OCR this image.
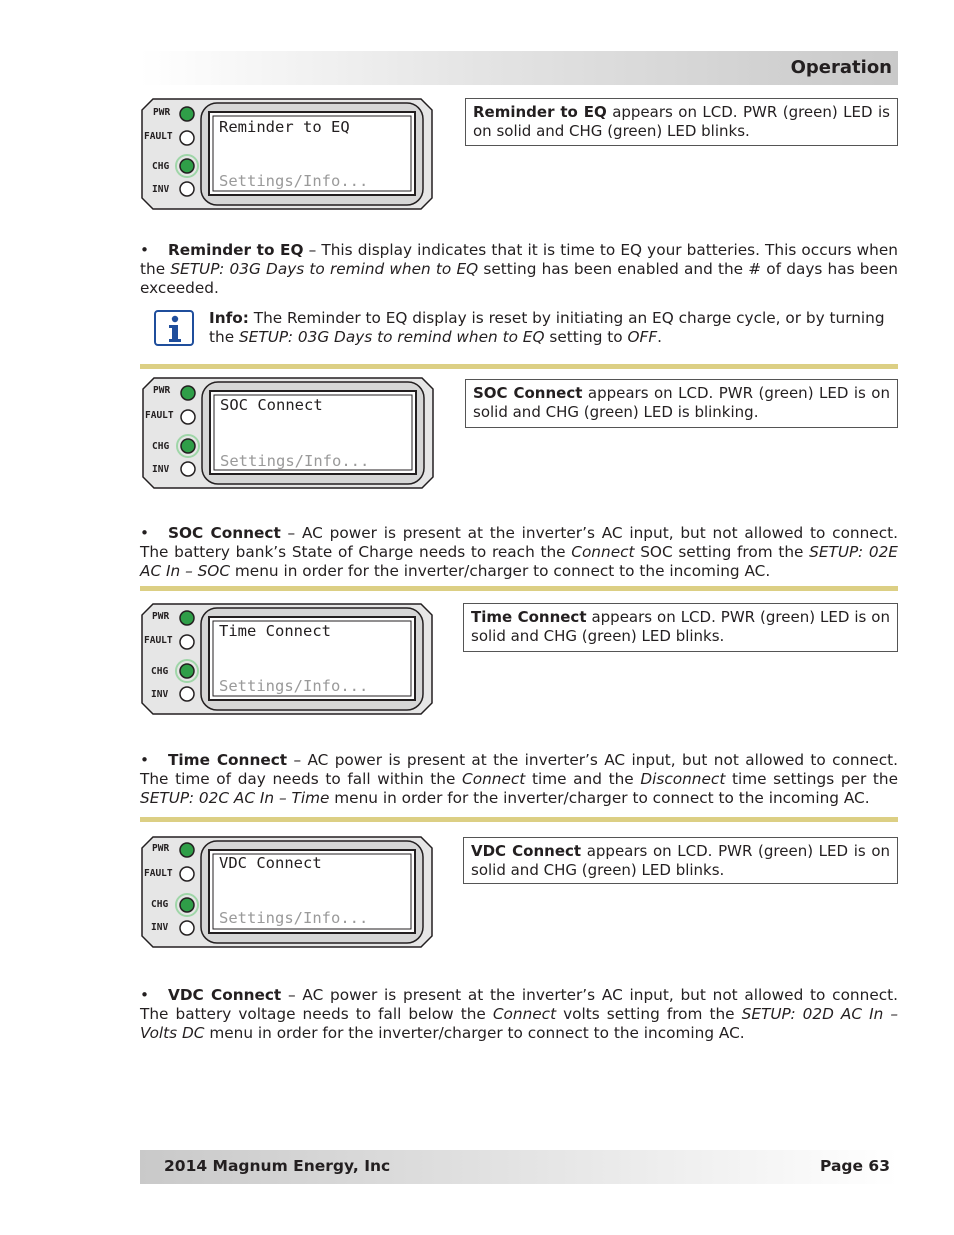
Operation
PWR
FAULT
CHG
INV
Reminder to EQ
Settings/Info...
Reminder to EQ appears on LCD. PWR (green) LED is on solid and CHG (green) LED blinks.
• Reminder to EQ – This display indicates that it is time to EQ your batteries. This occurs when the SETUP: 03G Days to remind when to EQ setting has been enabled and the # of days has been exceeded.
Info: The Reminder to EQ display is reset by initiating an EQ charge cycle, or by turning the SETUP: 03G Days to remind when to EQ setting to OFF.
PWR
FAULT
CHG
INV
SOC Connect
Settings/Info...
SOC Connect appears on LCD. PWR (green) LED is on solid and CHG (green) LED is blinking.
• SOC Connect – AC power is present at the inverter’s AC input, but not allowed to connect. The battery bank’s State of Charge needs to reach the Connect SOC setting from the SETUP: 02E AC In – SOC menu in order for the inverter/charger to connect to the incoming AC.
PWR
FAULT
CHG
INV
Time Connect
Settings/Info...
Time Connect appears on LCD. PWR (green) LED is on solid and CHG (green) LED blinks.
• Time Connect – AC power is present at the inverter’s AC input, but not allowed to connect. The time of day needs to fall within the Connect time and the Disconnect time settings per the SETUP: 02C AC In – Time menu in order for the inverter/charger to connect to the incoming AC.
PWR
FAULT
CHG
INV
VDC Connect
Settings/Info...
VDC Connect appears on LCD. PWR (green) LED is on solid and CHG (green) LED blinks.
• VDC Connect – AC power is present at the inverter’s AC input, but not allowed to connect. The battery voltage needs to fall below the Connect volts setting from the SETUP: 02D AC In – Volts DC menu in order for the inverter/charger to connect to the incoming AC.
2014 Magnum Energy, Inc	Page 63
